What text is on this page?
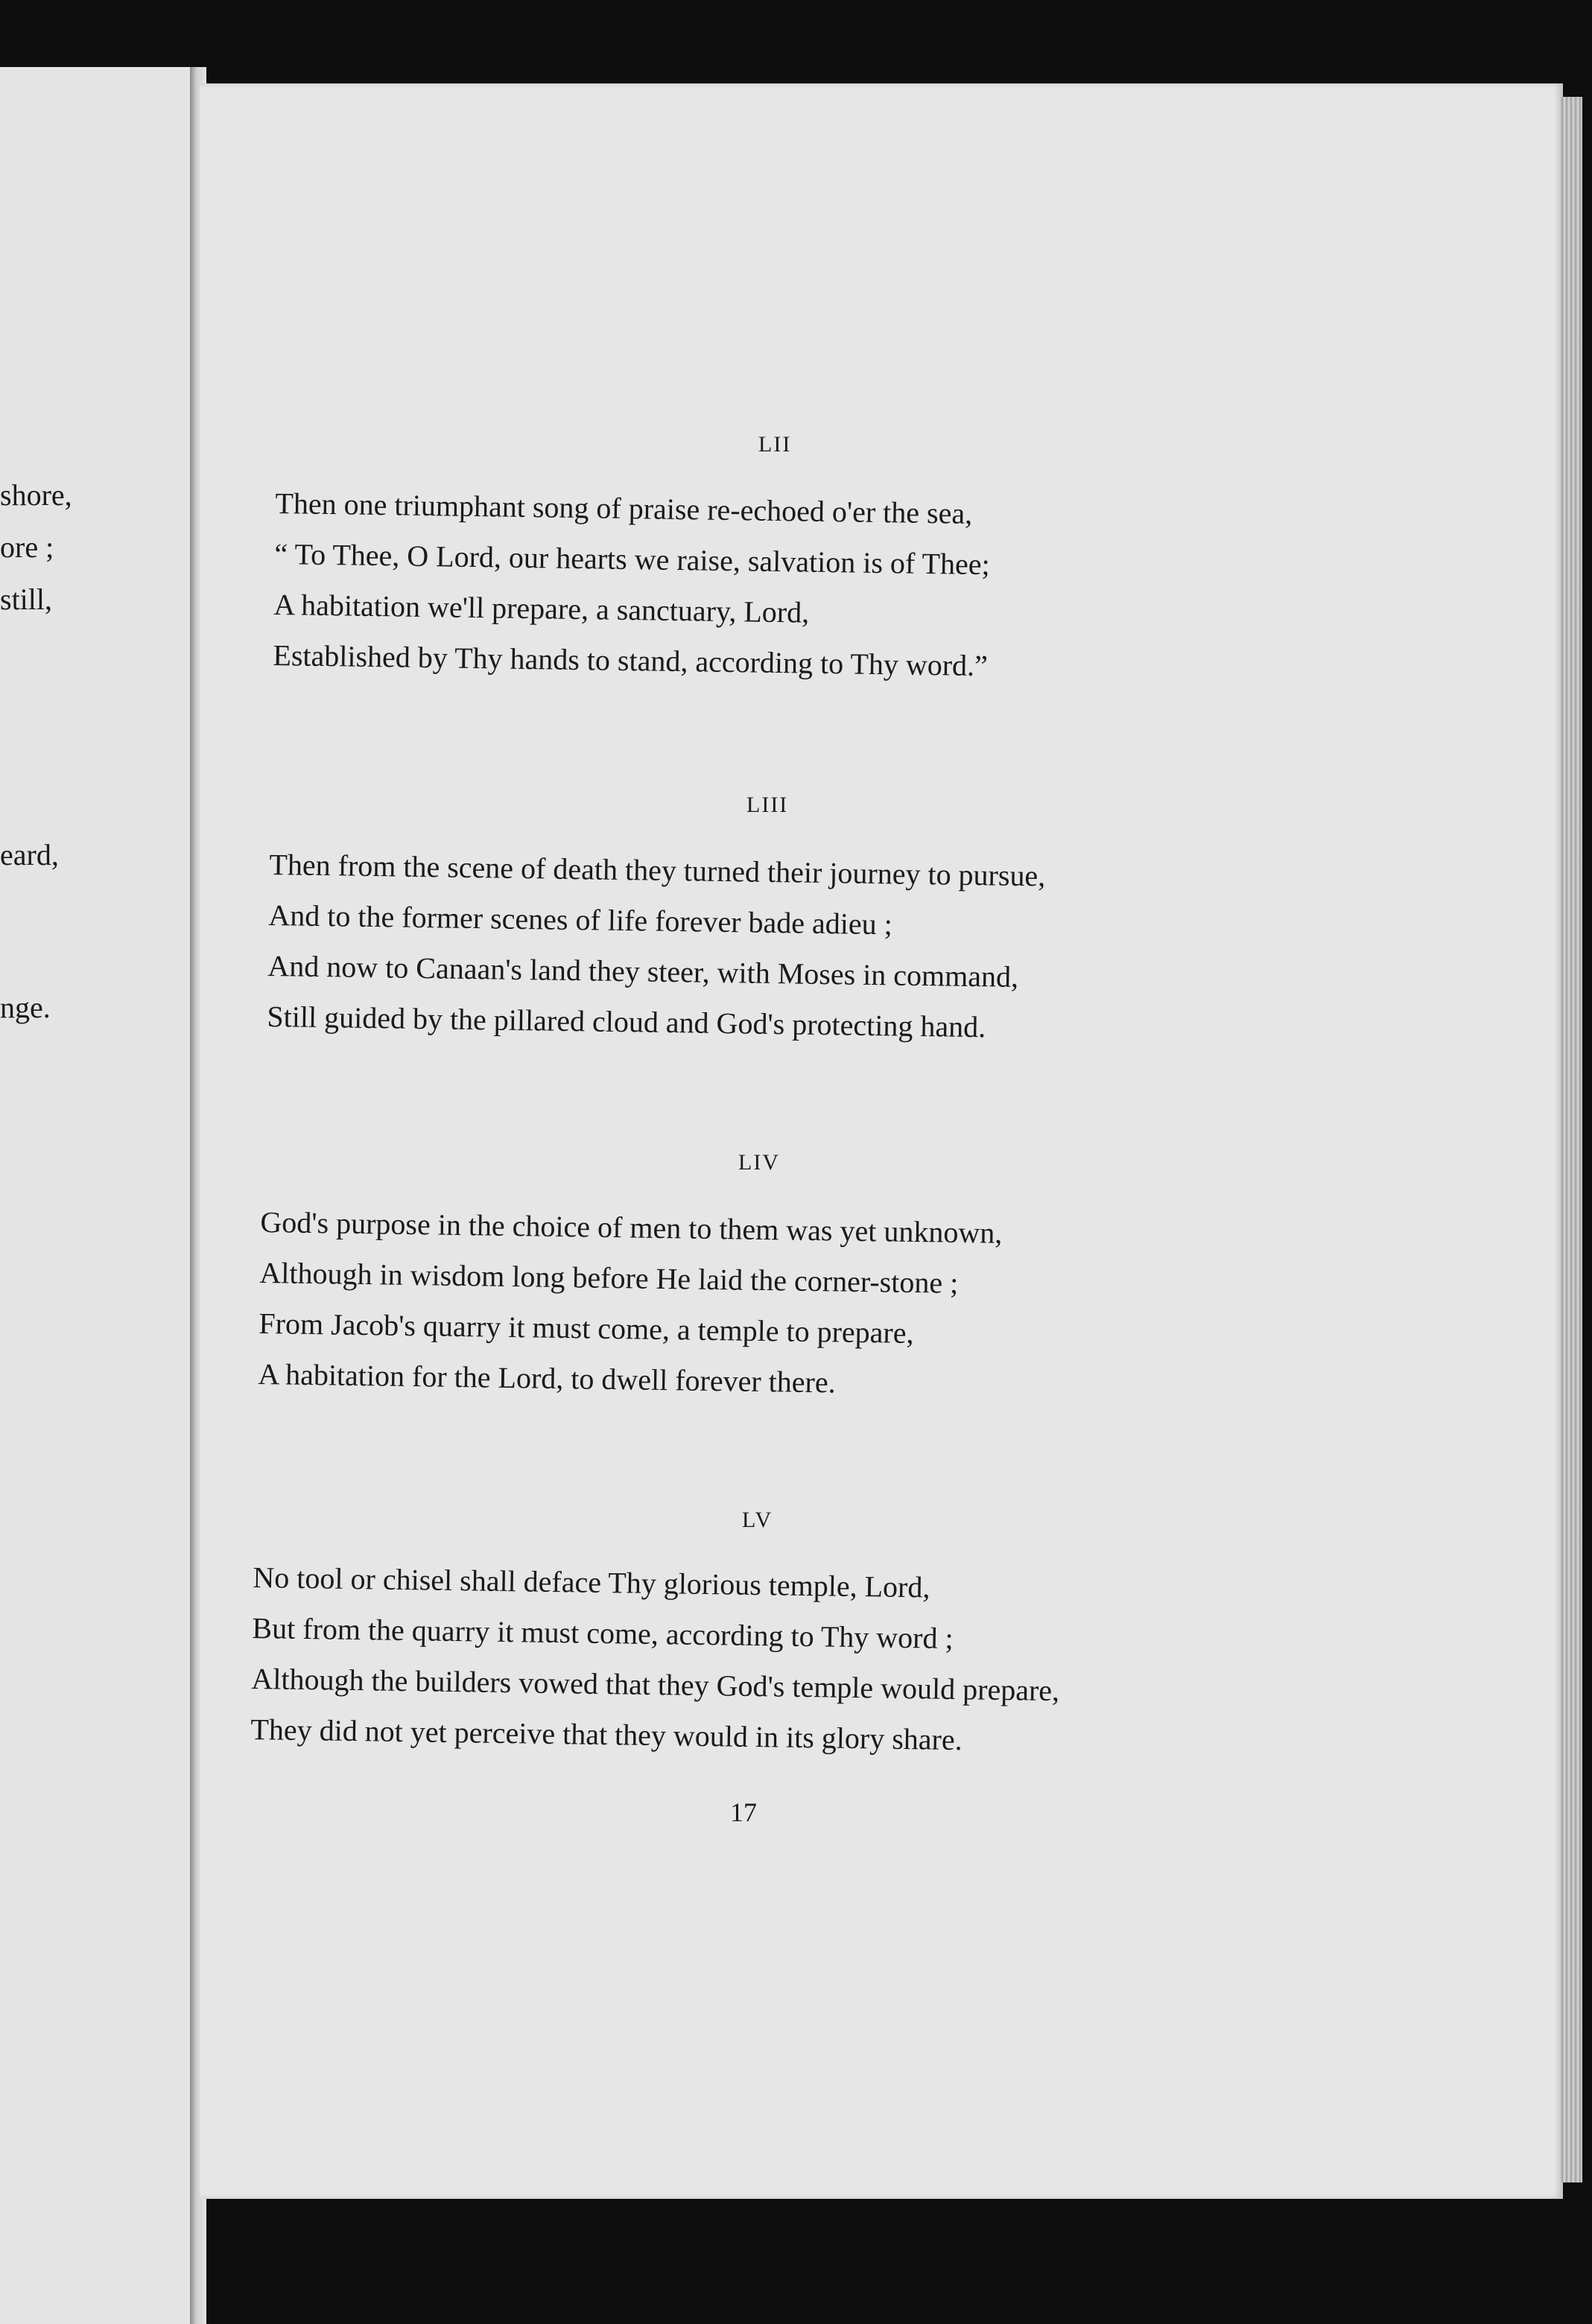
shore,
ore ;
still,
eard,
nge.
LII
Then one triumphant song of praise re-echoed o'er the sea,
“ To Thee, O Lord, our hearts we raise, salvation is of Thee;
A habitation we'll prepare, a sanctuary, Lord,
Established by Thy hands to stand, according to Thy word.”
LIII
Then from the scene of death they turned their journey to pursue,
And to the former scenes of life forever bade adieu ;
And now to Canaan's land they steer, with Moses in command,
Still guided by the pillared cloud and God's protecting hand.
LIV
God's purpose in the choice of men to them was yet unknown,
Although in wisdom long before He laid the corner-stone ;
From Jacob's quarry it must come, a temple to prepare,
A habitation for the Lord, to dwell forever there.
LV
No tool or chisel shall deface Thy glorious temple, Lord,
But from the quarry it must come, according to Thy word ;
Although the builders vowed that they God's temple would prepare,
They did not yet perceive that they would in its glory share.
17
